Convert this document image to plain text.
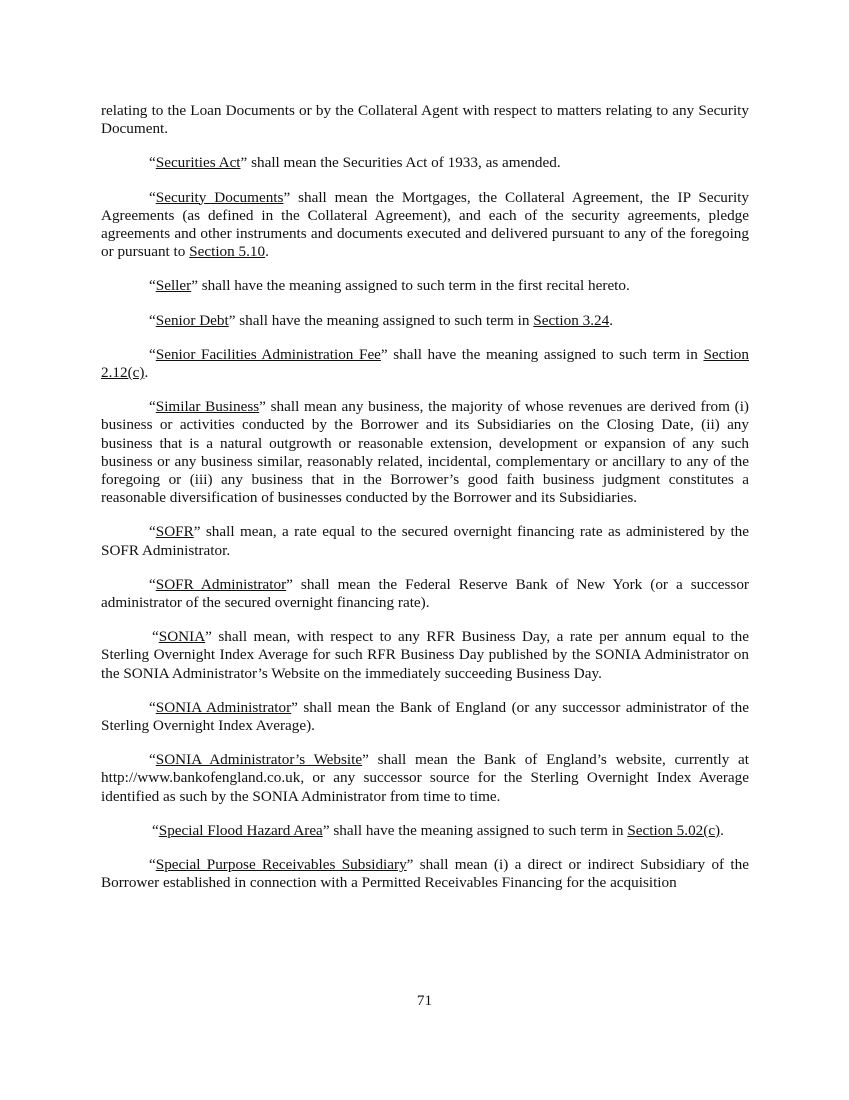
relating to the Loan Documents or by the Collateral Agent with respect to matters relating to any Security Document.

“Securities Act” shall mean the Securities Act of 1933, as amended.

“Security Documents” shall mean the Mortgages, the Collateral Agreement, the IP Security Agreements (as defined in the Collateral Agreement), and each of the security agreements, pledge agreements and other instruments and documents executed and delivered pursuant to any of the foregoing or pursuant to Section 5.10.

“Seller” shall have the meaning assigned to such term in the first recital hereto.

“Senior Debt” shall have the meaning assigned to such term in Section 3.24.

“Senior Facilities Administration Fee” shall have the meaning assigned to such term in Section 2.12(c).

“Similar Business” shall mean any business, the majority of whose revenues are derived from (i) business or activities conducted by the Borrower and its Subsidiaries on the Closing Date, (ii) any business that is a natural outgrowth or reasonable extension, development or expansion of any such business or any business similar, reasonably related, incidental, complementary or ancillary to any of the foregoing or (iii) any business that in the Borrower’s good faith business judgment constitutes a reasonable diversification of businesses conducted by the Borrower and its Subsidiaries.

“SOFR” shall mean, a rate equal to the secured overnight financing rate as administered by the SOFR Administrator.

“SOFR Administrator” shall mean the Federal Reserve Bank of New York (or a successor administrator of the secured overnight financing rate).

“SONIA” shall mean, with respect to any RFR Business Day, a rate per annum equal to the Sterling Overnight Index Average for such RFR Business Day published by the SONIA Administrator on the SONIA Administrator’s Website on the immediately succeeding Business Day.

“SONIA Administrator” shall mean the Bank of England (or any successor administrator of the Sterling Overnight Index Average).

“SONIA Administrator’s Website” shall mean the Bank of England’s website, currently at http://www.bankofengland.co.uk, or any successor source for the Sterling Overnight Index Average identified as such by the SONIA Administrator from time to time.

“Special Flood Hazard Area” shall have the meaning assigned to such term in Section 5.02(c).

“Special Purpose Receivables Subsidiary” shall mean (i) a direct or indirect Subsidiary of the Borrower established in connection with a Permitted Receivables Financing for the acquisition

71
